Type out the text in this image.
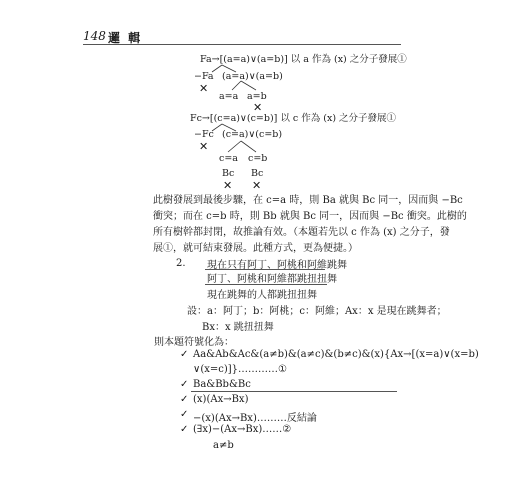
148 邏 輯
Fa→[(a=a)∨(a=b)] 以 a 作為 (x) 之分子發展①
−Fa (a=a)∨(a=b)
✕
a=a a=b
✕
Fc→[(c=a)∨(c=b)] 以 c 作為 (x) 之分子發展①
−Fc (c=a)∨(c=b)
✕
c=a c=b
Bc Bc
✕ ✕
此樹發展到最後步驟，在 c=a 時，則 Ba 就與 Bc 同一，因而與 −Bc
衝突；而在 c=b 時，則 Bb 就與 Bc 同一，因而與 −Bc 衝突。此樹的
所有樹幹都封閉，故推論有效。（本題若先以 c 作為 (x) 之分子，發
展①，就可結束發展。此種方式，更為便捷。）
2. 現在只有阿丁、阿桃和阿維跳舞
阿丁、阿桃和阿維都跳扭扭舞
現在跳舞的人都跳扭扭舞
設：a：阿丁；b：阿桃；c：阿維；Ax：x 是現在跳舞者；
Bx：x 跳扭扭舞
則本題符號化為：
✓ Aa&Ab&Ac&(a≠b)&(a≠c)&(b≠c)&(x){Ax→[(x=a)∨(x=b)
∨(x=c)]}…………①
✓ Ba&Bb&Bc
✓ (x)(Ax→Bx)
✓ −(x)(Ax→Bx)………反結論
✓ (∃x)−(Ax→Bx)……②
a≠b
